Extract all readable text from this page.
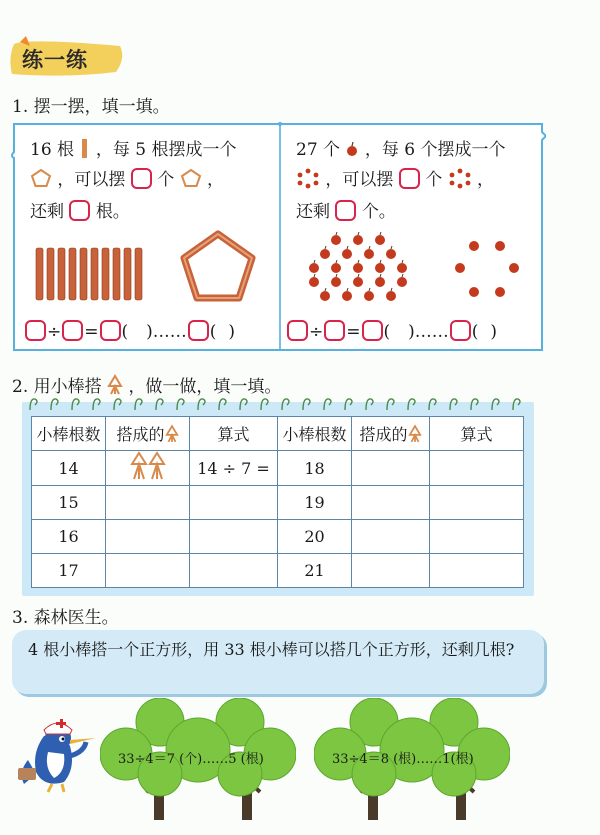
练一练
1. 摆一摆，填一填。
16 根 ，每 5 根摆成一个
，可以摆 个 ，
还剩 根。
÷ = ( )…… ( )
27 个 ，每 6 个摆成一个
，可以摆 个 ，
还剩 个。
÷ = ( )…… ( )
2. 用小棒搭 ，做一做，填一填。
小棒根数	搭成的	算式	小棒根数	搭成的	算式
14		14 ÷ 7 =	18		
15			19		
16			20		
17			21		
3. 森林医生。
4 根小棒搭一个正方形，用 33 根小棒可以搭几个正方形，还剩几根?
33÷4＝7 (个)……5 (根)	33÷4＝8 (根)……1(根)
